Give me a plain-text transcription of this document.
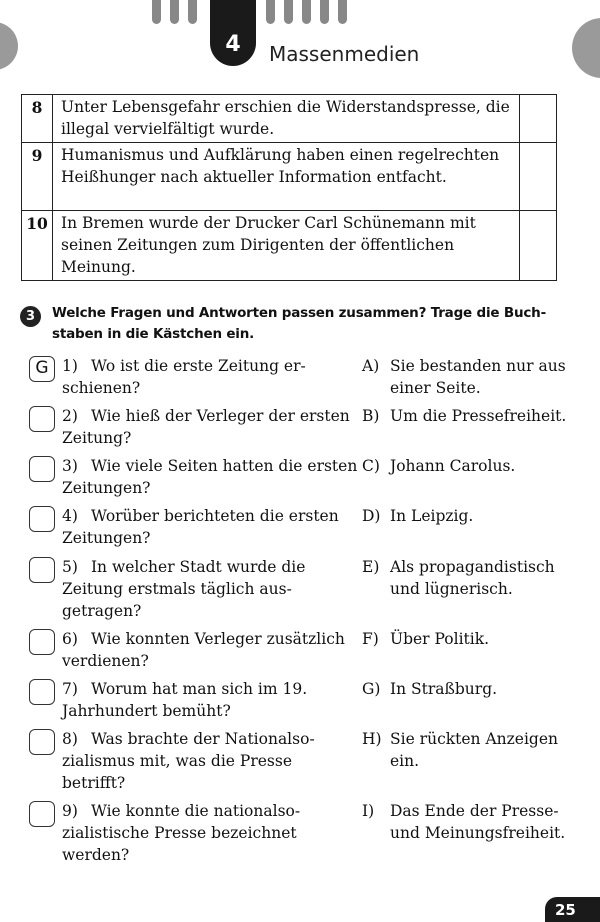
4	Massenmedien
8	Unter Lebensgefahr erschien die Widerstandspresse, die illegal vervielfältigt wurde.	
9	Humanismus und Aufklärung haben einen regelrechten Heißhunger nach aktueller Information entfacht.	
10	In Bremen wurde der Drucker Carl Schünemann mit seinen Zeitungen zum Dirigenten der öffentlichen Meinung.	
3	Welche Fragen und Antworten passen zusammen? Trage die Buchstaben in die Kästchen ein.
G 1) Wo ist die erste Zeitung erschienen?
2) Wie hieß der Verleger der ersten Zeitung?
3) Wie viele Seiten hatten die ersten Zeitungen?
4) Worüber berichteten die ersten Zeitungen?
5) In welcher Stadt wurde die Zeitung erstmals täglich ausgetragen?
6) Wie konnten Verleger zusätzlich verdienen?
7) Worum hat man sich im 19. Jahrhundert bemüht?
8) Was brachte der Nationalsozialismus mit, was die Presse betrifft?
9) Wie konnte die nationalsozialistische Presse bezeichnet werden?
A) Sie bestanden nur aus einer Seite.
B) Um die Pressefreiheit.
C) Johann Carolus.
D) In Leipzig.
E) Als propagandistisch und lügnerisch.
F) Über Politik.
G) In Straßburg.
H) Sie rückten Anzeigen ein.
I) Das Ende der Presse- und Meinungsfreiheit.
25
